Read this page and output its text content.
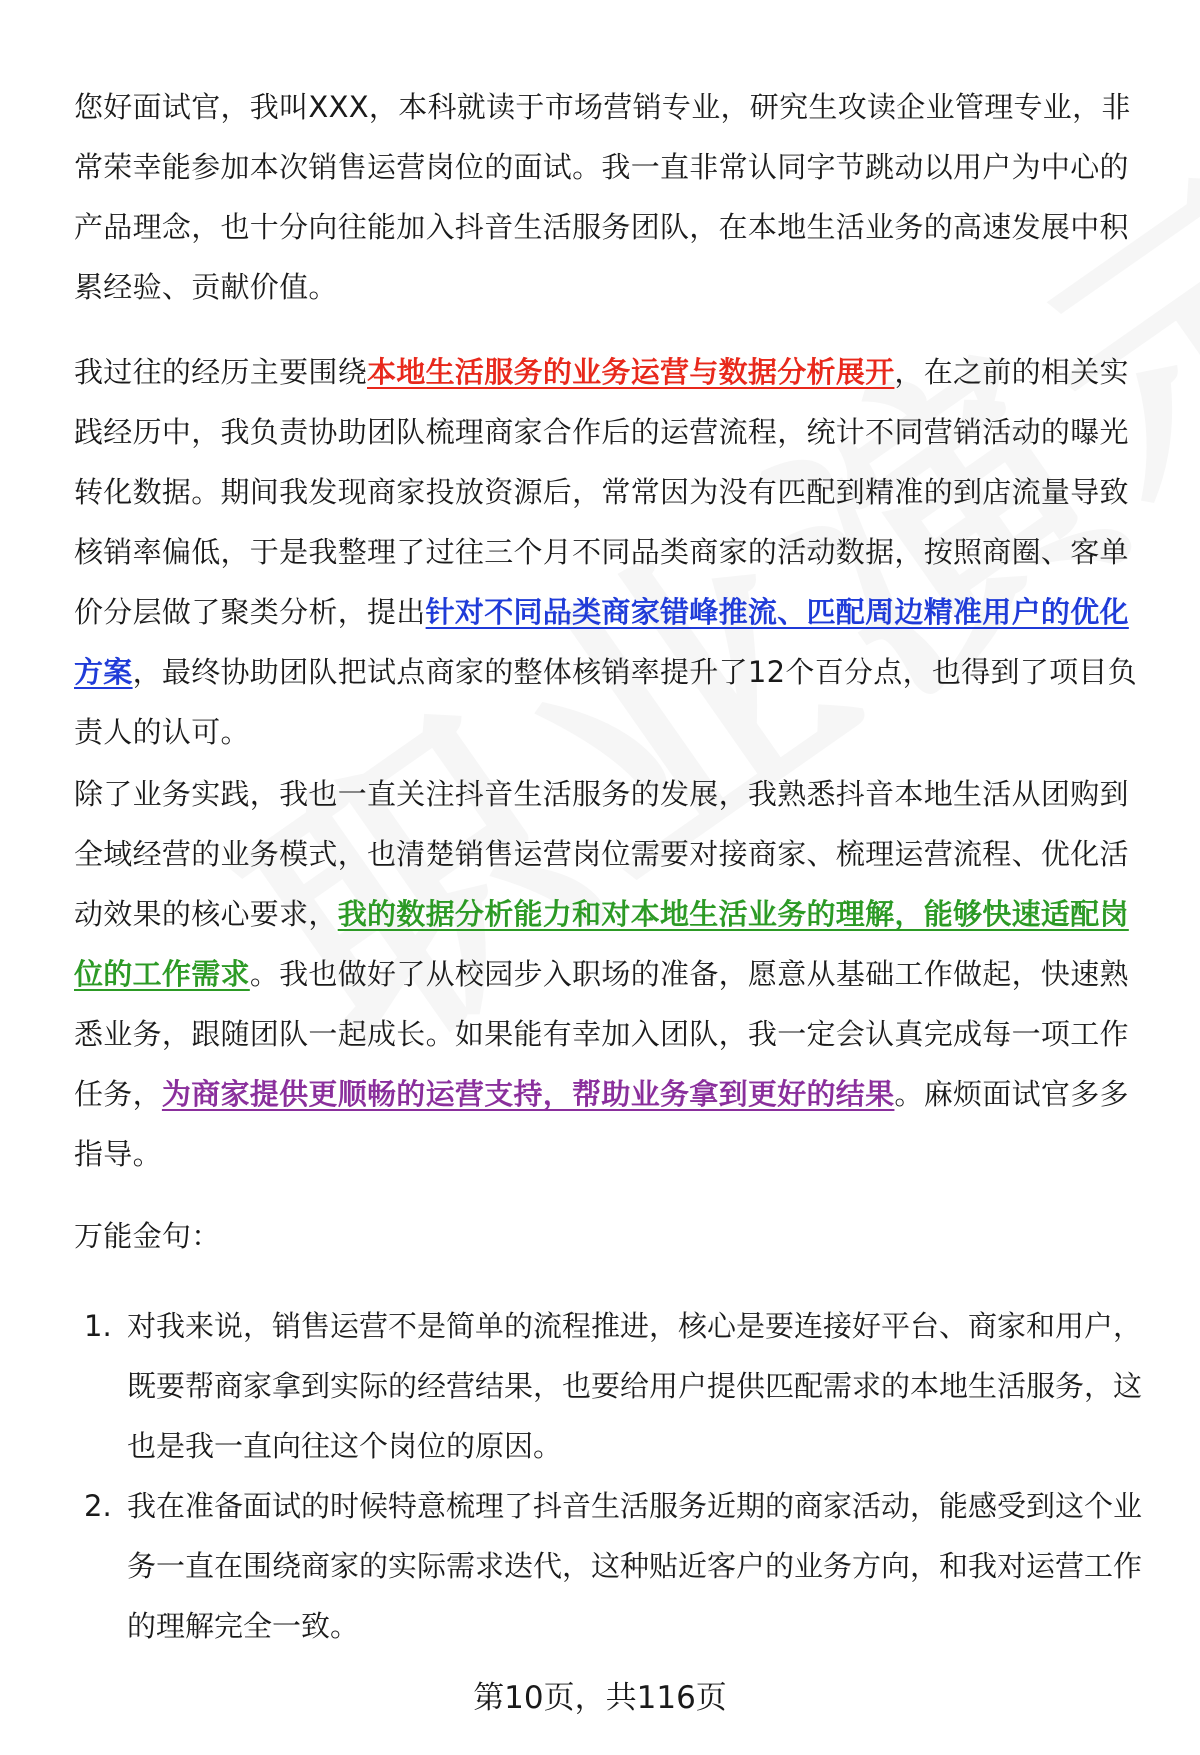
您好面试官，我叫XXX，本科就读于市场营销专业，研究生攻读企业管理专业，非常荣幸能参加本次销售运营岗位的面试。我一直非常认同字节跳动以用户为中心的产品理念，也十分向往能加入抖音生活服务团队，在本地生活业务的高速发展中积累经验、贡献价值。

我过往的经历主要围绕本地生活服务的业务运营与数据分析展开，在之前的相关实践经历中，我负责协助团队梳理商家合作后的运营流程，统计不同营销活动的曝光转化数据。期间我发现商家投放资源后，常常因为没有匹配到精准的到店流量导致核销率偏低，于是我整理了过往三个月不同品类商家的活动数据，按照商圈、客单价分层做了聚类分析，提出针对不同品类商家错峰推流、匹配周边精准用户的优化方案，最终协助团队把试点商家的整体核销率提升了12个百分点，也得到了项目负责人的认可。

除了业务实践，我也一直关注抖音生活服务的发展，我熟悉抖音本地生活从团购到全域经营的业务模式，也清楚销售运营岗位需要对接商家、梳理运营流程、优化活动效果的核心要求，我的数据分析能力和对本地生活业务的理解，能够快速适配岗位的工作需求。我也做好了从校园步入职场的准备，愿意从基础工作做起，快速熟悉业务，跟随团队一起成长。如果能有幸加入团队，我一定会认真完成每一项工作任务，为商家提供更顺畅的运营支持，帮助业务拿到更好的结果。麻烦面试官多多指导。

万能金句：

1. 对我来说，销售运营不是简单的流程推进，核心是要连接好平台、商家和用户，既要帮商家拿到实际的经营结果，也要给用户提供匹配需求的本地生活服务，这也是我一直向往这个岗位的原因。
2. 我在准备面试的时候特意梳理了抖音生活服务近期的商家活动，能感受到这个业务一直在围绕商家的实际需求迭代，这种贴近客户的业务方向，和我对运营工作的理解完全一致。
第10页，共116页
